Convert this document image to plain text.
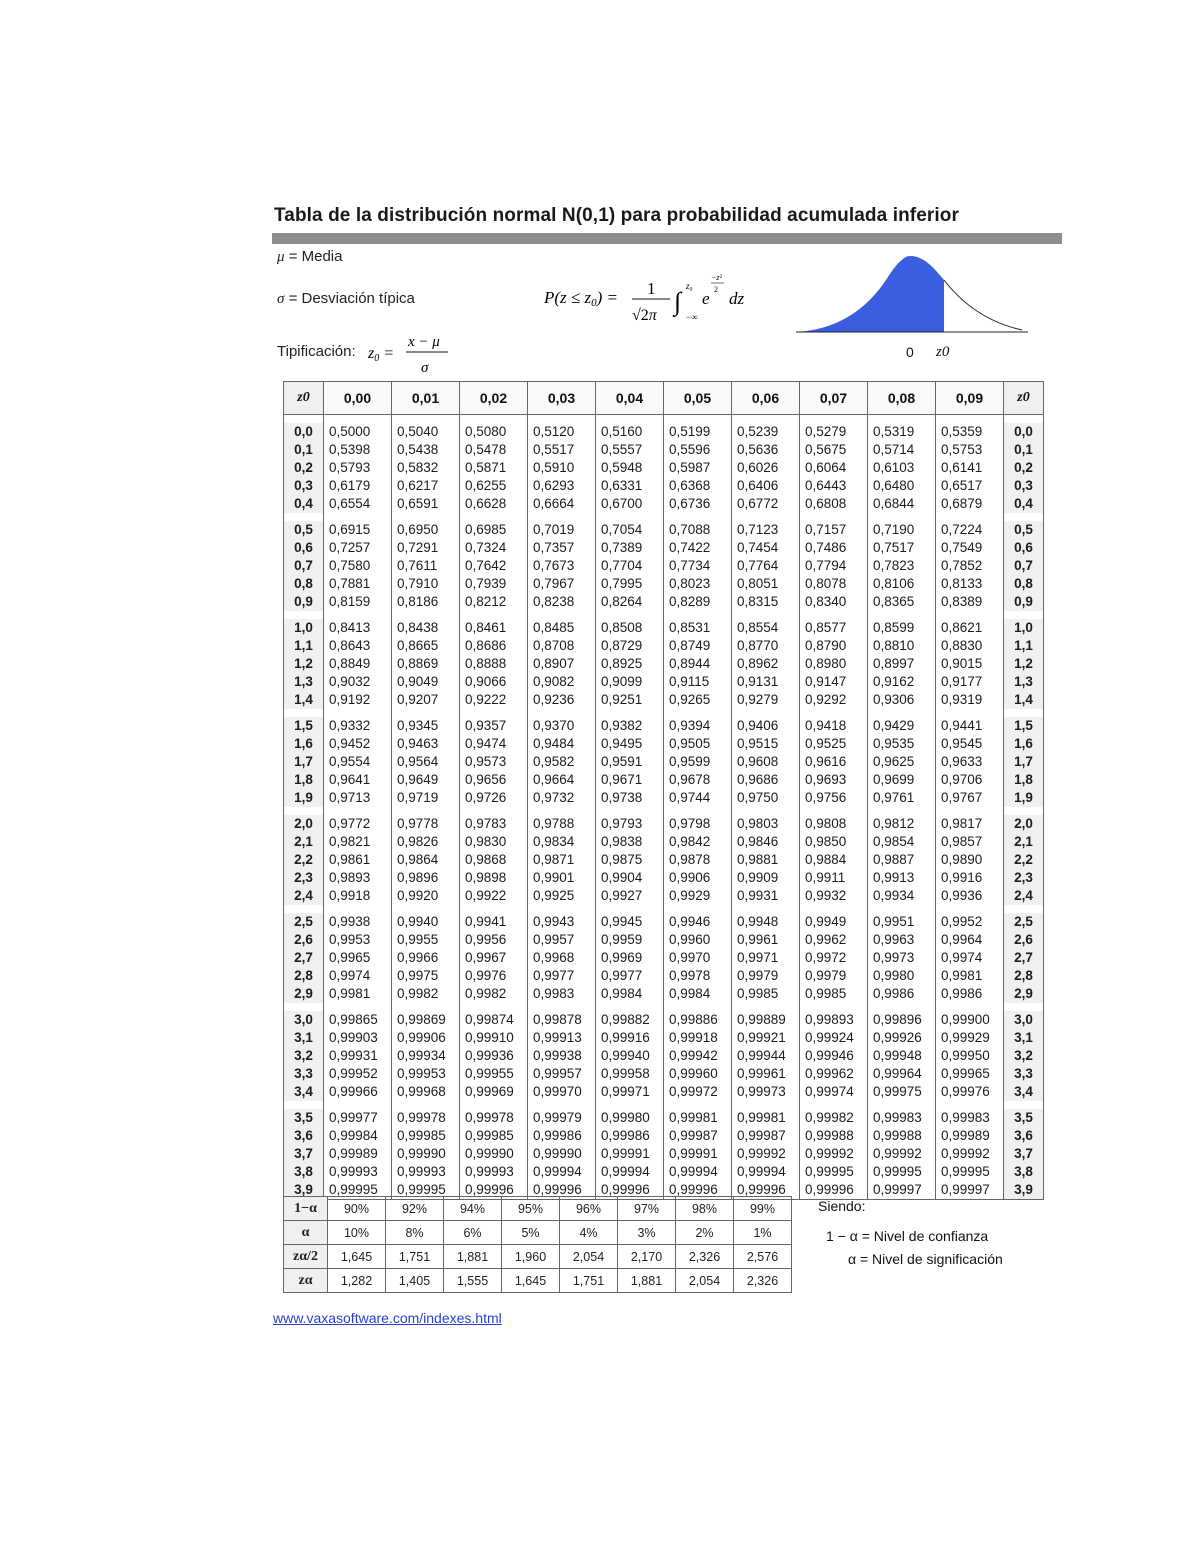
Tabla de la distribución normal N(0,1) para probabilidad acumulada inferior
μ = Media
σ = Desviación típica
Tipificación:
P(z ≤ z0) = 1
√2π ∫
z₀
−∞
e
−z²
2 dz
z0 =
x − μ
σ
0 z0
z0	0,00	0,01	0,02	0,03	0,04	0,05	0,06	0,07	0,08	0,09	z0

0,0	0,5000	0,5040	0,5080	0,5120	0,5160	0,5199	0,5239	0,5279	0,5319	0,5359	0,0
0,1	0,5398	0,5438	0,5478	0,5517	0,5557	0,5596	0,5636	0,5675	0,5714	0,5753	0,1
0,2	0,5793	0,5832	0,5871	0,5910	0,5948	0,5987	0,6026	0,6064	0,6103	0,6141	0,2
0,3	0,6179	0,6217	0,6255	0,6293	0,6331	0,6368	0,6406	0,6443	0,6480	0,6517	0,3
0,4	0,6554	0,6591	0,6628	0,6664	0,6700	0,6736	0,6772	0,6808	0,6844	0,6879	0,4

0,5	0,6915	0,6950	0,6985	0,7019	0,7054	0,7088	0,7123	0,7157	0,7190	0,7224	0,5
0,6	0,7257	0,7291	0,7324	0,7357	0,7389	0,7422	0,7454	0,7486	0,7517	0,7549	0,6
0,7	0,7580	0,7611	0,7642	0,7673	0,7704	0,7734	0,7764	0,7794	0,7823	0,7852	0,7
0,8	0,7881	0,7910	0,7939	0,7967	0,7995	0,8023	0,8051	0,8078	0,8106	0,8133	0,8
0,9	0,8159	0,8186	0,8212	0,8238	0,8264	0,8289	0,8315	0,8340	0,8365	0,8389	0,9

1,0	0,8413	0,8438	0,8461	0,8485	0,8508	0,8531	0,8554	0,8577	0,8599	0,8621	1,0
1,1	0,8643	0,8665	0,8686	0,8708	0,8729	0,8749	0,8770	0,8790	0,8810	0,8830	1,1
1,2	0,8849	0,8869	0,8888	0,8907	0,8925	0,8944	0,8962	0,8980	0,8997	0,9015	1,2
1,3	0,9032	0,9049	0,9066	0,9082	0,9099	0,9115	0,9131	0,9147	0,9162	0,9177	1,3
1,4	0,9192	0,9207	0,9222	0,9236	0,9251	0,9265	0,9279	0,9292	0,9306	0,9319	1,4

1,5	0,9332	0,9345	0,9357	0,9370	0,9382	0,9394	0,9406	0,9418	0,9429	0,9441	1,5
1,6	0,9452	0,9463	0,9474	0,9484	0,9495	0,9505	0,9515	0,9525	0,9535	0,9545	1,6
1,7	0,9554	0,9564	0,9573	0,9582	0,9591	0,9599	0,9608	0,9616	0,9625	0,9633	1,7
1,8	0,9641	0,9649	0,9656	0,9664	0,9671	0,9678	0,9686	0,9693	0,9699	0,9706	1,8
1,9	0,9713	0,9719	0,9726	0,9732	0,9738	0,9744	0,9750	0,9756	0,9761	0,9767	1,9

2,0	0,9772	0,9778	0,9783	0,9788	0,9793	0,9798	0,9803	0,9808	0,9812	0,9817	2,0
2,1	0,9821	0,9826	0,9830	0,9834	0,9838	0,9842	0,9846	0,9850	0,9854	0,9857	2,1
2,2	0,9861	0,9864	0,9868	0,9871	0,9875	0,9878	0,9881	0,9884	0,9887	0,9890	2,2
2,3	0,9893	0,9896	0,9898	0,9901	0,9904	0,9906	0,9909	0,9911	0,9913	0,9916	2,3
2,4	0,9918	0,9920	0,9922	0,9925	0,9927	0,9929	0,9931	0,9932	0,9934	0,9936	2,4

2,5	0,9938	0,9940	0,9941	0,9943	0,9945	0,9946	0,9948	0,9949	0,9951	0,9952	2,5
2,6	0,9953	0,9955	0,9956	0,9957	0,9959	0,9960	0,9961	0,9962	0,9963	0,9964	2,6
2,7	0,9965	0,9966	0,9967	0,9968	0,9969	0,9970	0,9971	0,9972	0,9973	0,9974	2,7
2,8	0,9974	0,9975	0,9976	0,9977	0,9977	0,9978	0,9979	0,9979	0,9980	0,9981	2,8
2,9	0,9981	0,9982	0,9982	0,9983	0,9984	0,9984	0,9985	0,9985	0,9986	0,9986	2,9

3,0	0,99865	0,99869	0,99874	0,99878	0,99882	0,99886	0,99889	0,99893	0,99896	0,99900	3,0
3,1	0,99903	0,99906	0,99910	0,99913	0,99916	0,99918	0,99921	0,99924	0,99926	0,99929	3,1
3,2	0,99931	0,99934	0,99936	0,99938	0,99940	0,99942	0,99944	0,99946	0,99948	0,99950	3,2
3,3	0,99952	0,99953	0,99955	0,99957	0,99958	0,99960	0,99961	0,99962	0,99964	0,99965	3,3
3,4	0,99966	0,99968	0,99969	0,99970	0,99971	0,99972	0,99973	0,99974	0,99975	0,99976	3,4

3,5	0,99977	0,99978	0,99978	0,99979	0,99980	0,99981	0,99981	0,99982	0,99983	0,99983	3,5
3,6	0,99984	0,99985	0,99985	0,99986	0,99986	0,99987	0,99987	0,99988	0,99988	0,99989	3,6
3,7	0,99989	0,99990	0,99990	0,99990	0,99991	0,99991	0,99992	0,99992	0,99992	0,99992	3,7
3,8	0,99993	0,99993	0,99993	0,99994	0,99994	0,99994	0,99994	0,99995	0,99995	0,99995	3,8
3,9	0,99995	0,99995	0,99996	0,99996	0,99996	0,99996	0,99996	0,99996	0,99997	0,99997	3,9
1−α	90%	92%	94%	95%	96%	97%	98%	99%
α	10%	8%	6%	5%	4%	3%	2%	1%
zα/2	1,645	1,751	1,881	1,960	2,054	2,170	2,326	2,576
zα	1,282	1,405	1,555	1,645	1,751	1,881	2,054	2,326
Siendo:
1 − α = Nivel de confianza
α = Nivel de significación
www.vaxasoftware.com/indexes.html
